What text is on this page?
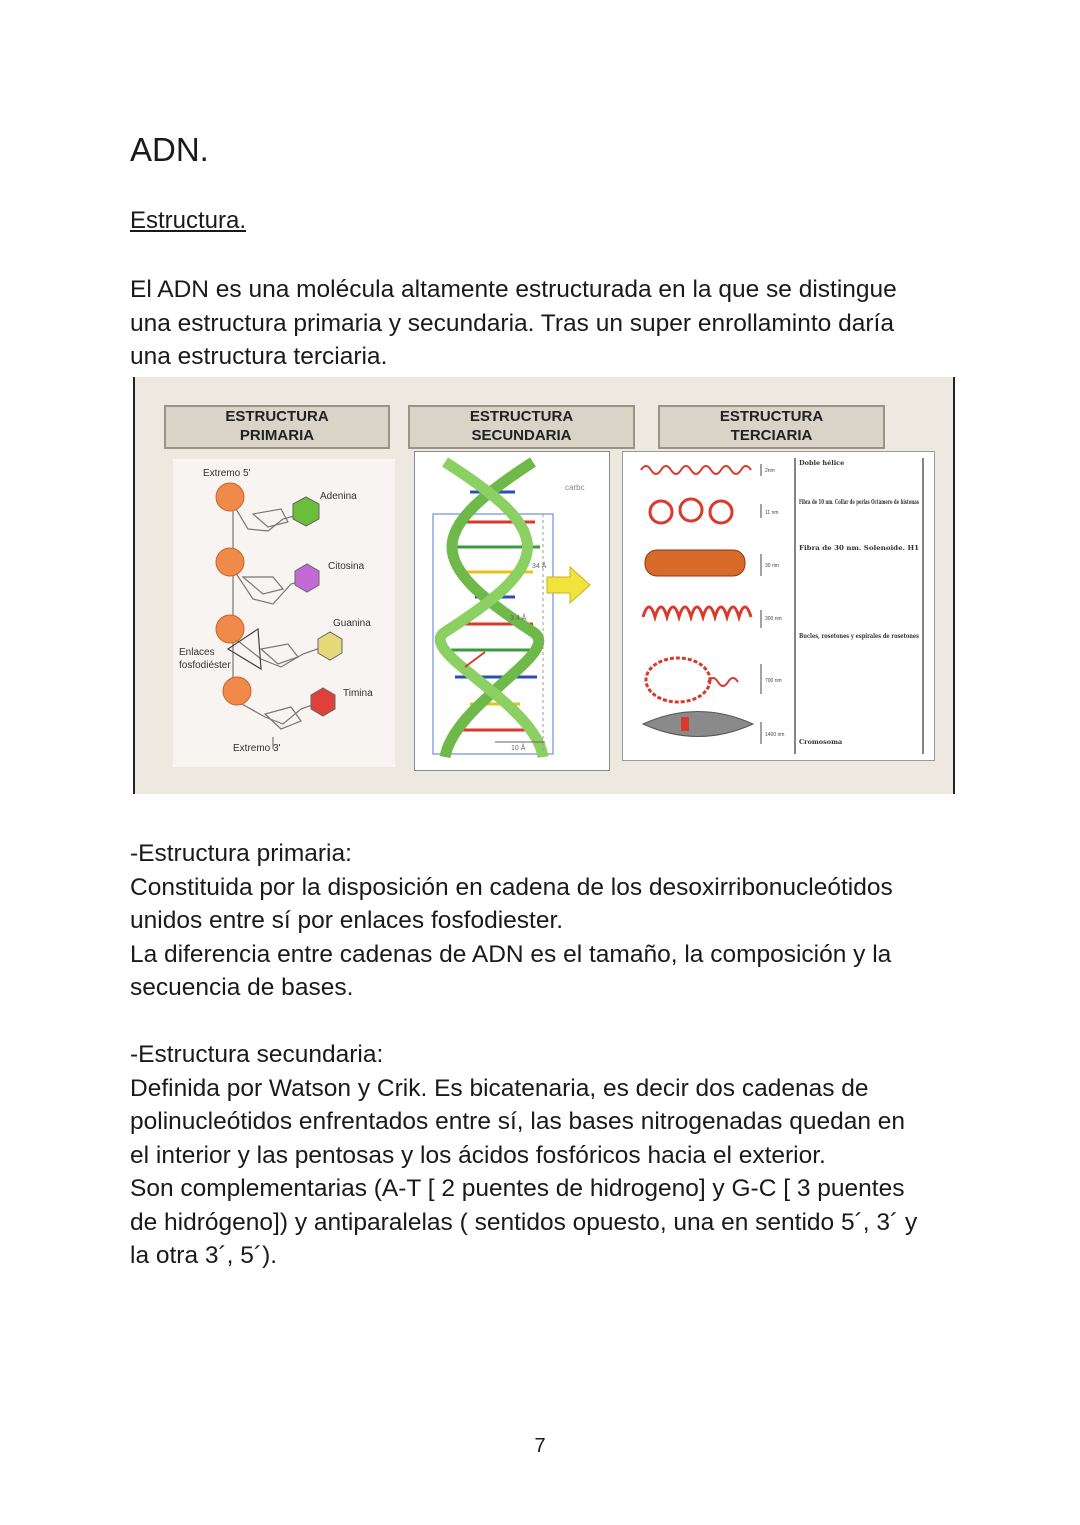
ADN.
Estructura.
El ADN es una molécula altamente estructurada en la que se distingue
una estructura primaria y secundaria. Tras un super enrollaminto daría
una estructura terciaria.
ESTRUCTURA
PRIMARIA
ESTRUCTURA
SECUNDARIA
ESTRUCTURA
TERCIARIA
Extremo 5'
Adenina
Citosina
Guanina
Timina
Enlaces
fosfodiéster
Extremo 3'
carbc
34 Å
3.4 Å
10 Å
2nm
11 nm
30 nm
300 nm
700 nm
1400 nm
Doble hélice
Fibra de 10 nm. Collar de perlas Octámero de histonas
Fibra de 30 nm. Solenoide. H1
Bucles, rosetones y espirales de rosetones
Cromosoma
-Estructura primaria:
Constituida por la disposición en cadena de los desoxirribonucleótidos
unidos entre sí por enlaces fosfodiester.
La diferencia entre cadenas de ADN es el tamaño, la composición y la
secuencia de bases.
-Estructura secundaria:
Definida por Watson y Crik. Es bicatenaria, es decir dos cadenas de
polinucleótidos enfrentados entre sí, las bases nitrogenadas quedan en
el interior y las pentosas y los ácidos fosfóricos hacia el exterior.
Son complementarias (A-T [ 2 puentes de hidrogeno] y G-C [ 3 puentes
de hidrógeno]) y antiparalelas ( sentidos opuesto, una en sentido 5´, 3´ y
la otra 3´, 5´).
7
